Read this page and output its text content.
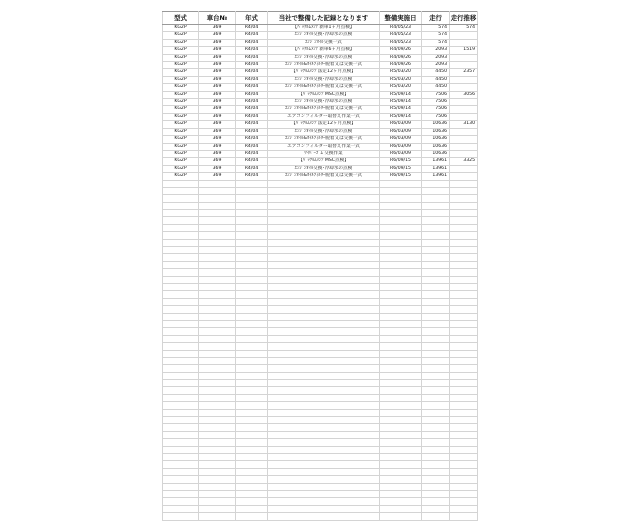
型式	車台№	年式	当社で整備した記録となります	整備実施日	走行	走行推移
KG2P	369	R4/04	【ﾊﾞｯｸﾙﾑﾒﾝﾃ 新車1ヶ月点検】	R4/05/23	574	574
KG2P	369	R4/04	ｴﾝｼﾞﾝｵｲﾙ交換･冷却水の点検	R4/05/23	574	
KG2P	369	R4/04	ｴﾝｼﾞﾝｵｲﾙ交換一式	R4/05/23	574	
KG2P	369	R4/04	【ﾊﾞｯｸﾙﾑﾒﾝﾃ 新車6ヶ月点検】	R4/09/26	2093	1519
KG2P	369	R4/04	ｴﾝｼﾞﾝｵｲﾙ交換･冷却水の点検	R4/09/26	2093	
KG2P	369	R4/04	ｴﾝｼﾞﾝｵｲﾙ&ｵｲﾙﾌｨﾙﾀｰ脱着又は交換一式	R4/09/26	2093	
KG2P	369	R4/04	【ﾊﾞｯｸﾙﾑﾒﾝﾃ 法定12ヶ月点検】	R5/03/20	4450	2357
KG2P	369	R4/04	ｴﾝｼﾞﾝｵｲﾙ交換･冷却水の点検	R5/03/20	4450	
KG2P	369	R4/04	ｴﾝｼﾞﾝｵｲﾙ&ｵｲﾙﾌｨﾙﾀｰ脱着又は交換一式	R5/03/20	4450	
KG2P	369	R4/04	【ﾊﾞｯｸﾙﾑﾒﾝﾃ MSC点検】	R5/09/14	7506	3056
KG2P	369	R4/04	ｴﾝｼﾞﾝｵｲﾙ交換･冷却水の点検	R5/09/14	7506	
KG2P	369	R4/04	ｴﾝｼﾞﾝｵｲﾙ&ｵｲﾙﾌｨﾙﾀｰ脱着又は交換一式	R5/09/14	7506	
KG2P	369	R4/04	エアコンフィルター取替え作業一式	R5/09/14	7506	
KG2P	369	R4/04	【ﾊﾞｯｸﾙﾑﾒﾝﾃ 法定12ヶ月点検】	R6/03/09	10636	3130
KG2P	369	R4/04	ｴﾝｼﾞﾝｵｲﾙ交換･冷却水の点検	R6/03/09	10636	
KG2P	369	R4/04	ｴﾝｼﾞﾝｵｲﾙ&ｵｲﾙﾌｨﾙﾀｰ脱着又は交換一式	R6/03/09	10636	
KG2P	369	R4/04	エアコンフィルター取替え作業一式	R6/03/09	10636	
KG2P	369	R4/04	ﾜｲﾊﾟｰｺﾞﾑ 交換作業	R6/03/09	10636	
KG2P	369	R4/04	【ﾊﾞｯｸﾙﾑﾒﾝﾃ MSC点検】	R6/09/15	13961	3325
KG2P	369	R4/04	ｴﾝｼﾞﾝｵｲﾙ交換･冷却水の点検	R6/09/15	13961	
KG2P	369	R4/04	ｴﾝｼﾞﾝｵｲﾙ&ｵｲﾙﾌｨﾙﾀｰ脱着又は交換一式	R6/09/15	13961	
